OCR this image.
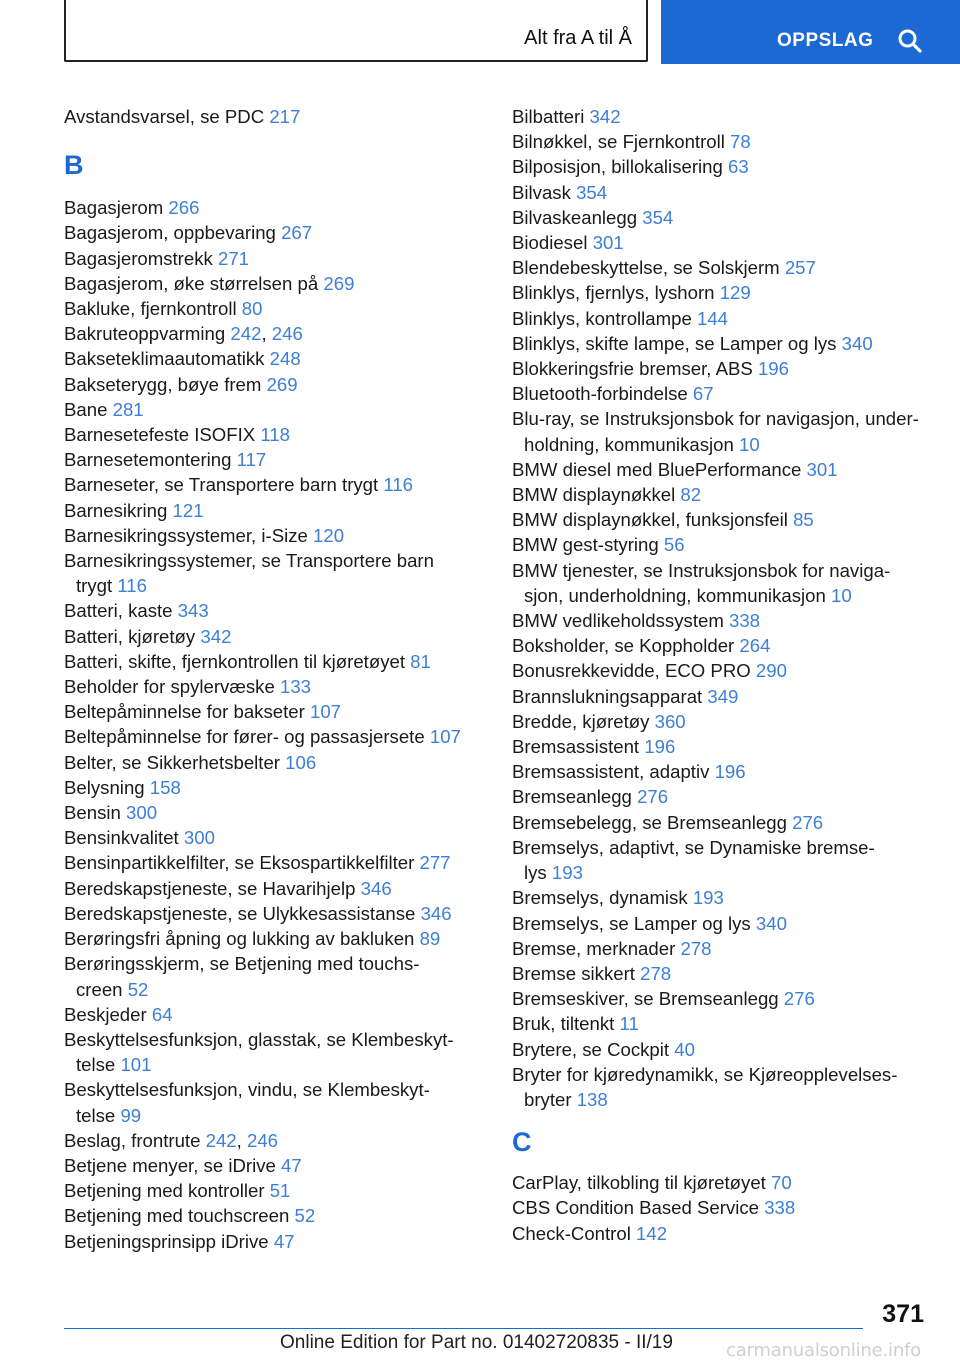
Alt fra A til Å	OPPSLAG
Avstandsvarsel, se PDC 217
B
Bagasjerom 266
Bagasjerom, oppbevaring 267
Bagasjeromstrekk 271
Bagasjerom, øke størrelsen på 269
Bakluke, fjernkontroll 80
Bakruteoppvarming 242, 246
Bakseteklimaautomatikk 248
Bakseterygg, bøye frem 269
Bane 281
Barnesetefeste ISOFIX 118
Barnesetemontering 117
Barneseter, se Transportere barn trygt 116
Barnesikring 121
Barnesikringssystemer, i-Size 120
Barnesikringssystemer, se Transportere barn
trygt 116
Batteri, kaste 343
Batteri, kjøretøy 342
Batteri, skifte, fjernkontrollen til kjøretøyet 81
Beholder for spylervæske 133
Beltepåminnelse for bakseter 107
Beltepåminnelse for fører- og passasjersete 107
Belter, se Sikkerhetsbelter 106
Belysning 158
Bensin 300
Bensinkvalitet 300
Bensinpartikkelfilter, se Eksospartikkelfilter 277
Beredskapstjeneste, se Havarihjelp 346
Beredskapstjeneste, se Ulykkesassistanse 346
Berøringsfri åpning og lukking av bakluken 89
Berøringsskjerm, se Betjening med touchs‐
creen 52
Beskjeder 64
Beskyttelsesfunksjon, glasstak, se Klembeskyt‐
telse 101
Beskyttelsesfunksjon, vindu, se Klembeskyt‐
telse 99
Beslag, frontrute 242, 246
Betjene menyer, se iDrive 47
Betjening med kontroller 51
Betjening med touchscreen 52
Betjeningsprinsipp iDrive 47
Bilbatteri 342
Bilnøkkel, se Fjernkontroll 78
Bilposisjon, billokalisering 63
Bilvask 354
Bilvaskeanlegg 354
Biodiesel 301
Blendebeskyttelse, se Solskjerm 257
Blinklys, fjernlys, lyshorn 129
Blinklys, kontrollampe 144
Blinklys, skifte lampe, se Lamper og lys 340
Blokkeringsfrie bremser, ABS 196
Bluetooth-forbindelse 67
Blu-ray, se Instruksjonsbok for navigasjon, under‐
holdning, kommunikasjon 10
BMW diesel med BluePerformance 301
BMW displaynøkkel 82
BMW displaynøkkel, funksjonsfeil 85
BMW gest-styring 56
BMW tjenester, se Instruksjonsbok for naviga‐
sjon, underholdning, kommunikasjon 10
BMW vedlikeholdssystem 338
Boksholder, se Koppholder 264
Bonusrekkevidde, ECO PRO 290
Brannslukningsapparat 349
Bredde, kjøretøy 360
Bremsassistent 196
Bremsassistent, adaptiv 196
Bremseanlegg 276
Bremsebelegg, se Bremseanlegg 276
Bremselys, adaptivt, se Dynamiske bremse‐
lys 193
Bremselys, dynamisk 193
Bremselys, se Lamper og lys 340
Bremse, merknader 278
Bremse sikkert 278
Bremseskiver, se Bremseanlegg 276
Bruk, tiltenkt 11
Brytere, se Cockpit 40
Bryter for kjøredynamikk, se Kjøreopplevelses‐
bryter 138
C
CarPlay, tilkobling til kjøretøyet 70
CBS Condition Based Service 338
Check-Control 142
371
Online Edition for Part no. 01402720835 - II/19	carmanualsonline.info
